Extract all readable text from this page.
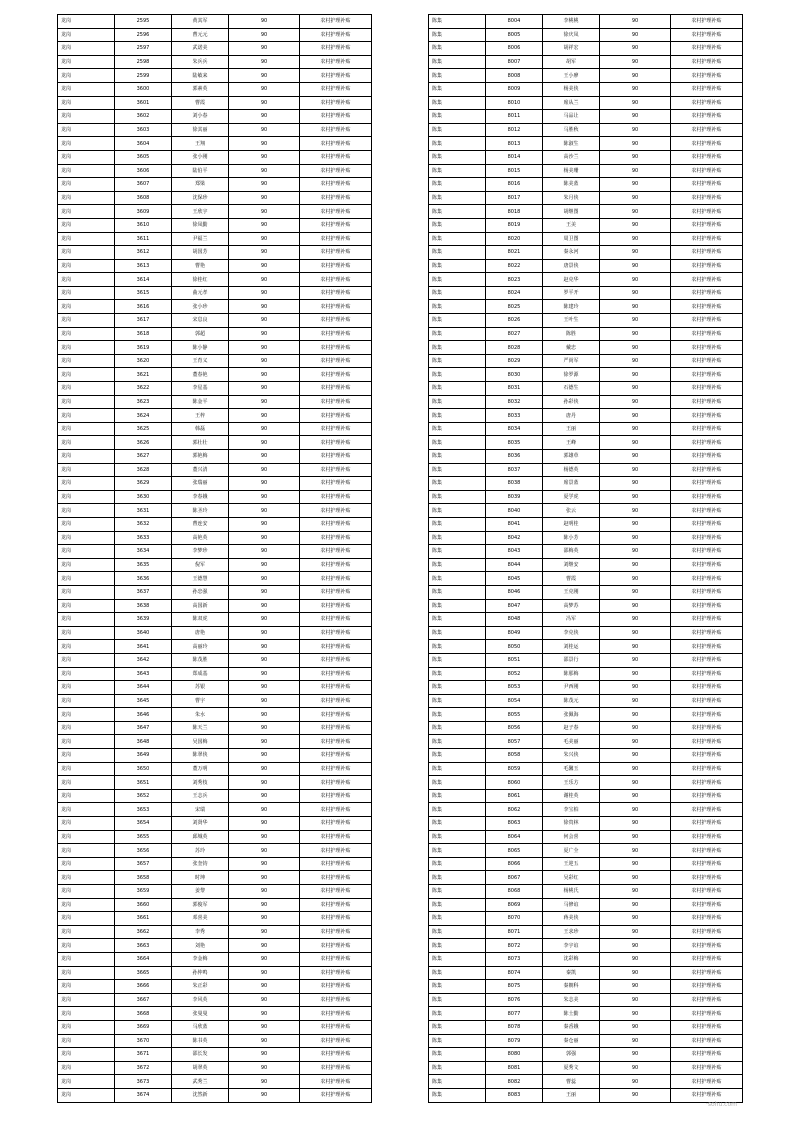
龙岗	2595	黄其军	90	农村护理补贴
龙岗	2596	曹元元	90	农村护理补贴
龙岗	2597	武诺美	90	农村护理补贴
龙岗	2598	朱兵兵	90	农村护理补贴
龙岗	2599	陆敏来	90	农村护理补贴
龙岗	3600	郭素英	90	农村护理补贴
龙岗	3601	曹霞	90	农村护理补贴
龙岗	3602	刘小春	90	农村护理补贴
龙岗	3603	徐其丽	90	农村护理补贴
龙岗	3604	王翔	90	农村护理补贴
龙岗	3605	张小刚	90	农村护理补贴
龙岗	3606	陆伯平	90	农村护理补贴
龙岗	3607	郑梁	90	农村护理补贴
龙岗	3608	沈保珍	90	农村护理补贴
龙岗	3609	王欣宇	90	农村护理补贴
龙岗	3610	徐凤勤	90	农村护理补贴
龙岗	3611	尹福兰	90	农村护理补贴
龙岗	3612	胡国芳	90	农村护理补贴
龙岗	3613	曹艳	90	农村护理补贴
龙岗	3614	徐桂红	90	农村护理补贴
龙岗	3615	曲元孝	90	农村护理补贴
龙岗	3616	张小珍	90	农村护理补贴
龙岗	3617	宋息良	90	农村护理补贴
龙岗	3618	郭超	90	农村护理补贴
龙岗	3619	陈小静	90	农村护理补贴
龙岗	3620	王育义	90	农村护理补贴
龙岗	3621	董春艳	90	农村护理补贴
龙岗	3622	李星基	90	农村护理补贴
龙岗	3623	陈金平	90	农村护理补贴
龙岗	3624	王梓	90	农村护理补贴
龙岗	3625	韩磊	90	农村护理补贴
龙岗	3626	郭壮壮	90	农村护理补贴
龙岗	3627	郭艳梅	90	农村护理补贴
龙岗	3628	董兴清	90	农村护理补贴
龙岗	3629	张瑞丽	90	农村护理补贴
龙岗	3630	李春娥	90	农村护理补贴
龙岗	3631	陈圣玲	90	农村护理补贴
龙岗	3632	曹连安	90	农村护理补贴
龙岗	3633	高艳英	90	农村护理补贴
龙岗	3634	李梦珍	90	农村护理补贴
龙岗	3635	倪军	90	农村护理补贴
龙岗	3636	王德慧	90	农村护理补贴
龙岗	3637	孙忠强	90	农村护理补贴
龙岗	3638	高国新	90	农村护理补贴
龙岗	3639	陈双虎	90	农村护理补贴
龙岗	3640	唐艳	90	农村护理补贴
龙岗	3641	高丽玲	90	农村护理补贴
龙岗	3642	陈茂胜	90	农村护理补贴
龙岗	3643	郑成基	90	农村护理补贴
龙岗	3644	苏银	90	农村护理补贴
龙岗	3645	曹宇	90	农村护理补贴
龙岗	3646	朱水	90	农村护理补贴
龙岗	3647	陈天兰	90	农村护理补贴
龙岗	3648	吴国梅	90	农村护理补贴
龙岗	3649	陈翠侠	90	农村护理补贴
龙岗	3650	董万明	90	农村护理补贴
龙岗	3651	刘秀枝	90	农村护理补贴
龙岗	3652	王志兵	90	农村护理补贴
龙岗	3653	宋瑞	90	农村护理补贴
龙岗	3654	刘贤华	90	农村护理补贴
龙岗	3655	邱城英	90	农村护理补贴
龙岗	3656	苏玲	90	农村护理补贴
龙岗	3657	张奎钧	90	农村护理补贴
龙岗	3658	时坤	90	农村护理补贴
龙岗	3659	姜黎	90	农村护理补贴
龙岗	3660	郭俊军	90	农村护理补贴
龙岗	3661	邓喜美	90	农村护理补贴
龙岗	3662	李秀	90	农村护理补贴
龙岗	3663	刘艳	90	农村护理补贴
龙岗	3664	李金梅	90	农村护理补贴
龙岗	3665	孙仲鸣	90	农村护理补贴
龙岗	3666	朱正彩	90	农村护理补贴
龙岗	3667	李风英	90	农村护理补贴
龙岗	3668	张曼曼	90	农村护理补贴
龙岗	3669	马欣蓝	90	农村护理补贴
龙岗	3670	陈书英	90	农村护理补贴
龙岗	3671	邵长发	90	农村护理补贴
龙岗	3672	胡翠英	90	农村护理补贴
龙岗	3673	武秀兰	90	农村护理补贴
龙岗	3674	沈然新	90	农村护理补贴
陈集	8004	李桃桃	90	农村护理补贴
陈集	8005	徐庆凤	90	农村护理补贴
陈集	8006	胡祥宏	90	农村护理补贴
陈集	8007	胡军	90	农村护理补贴
陈集	8008	王小廖	90	农村护理补贴
陈集	8009	杨美侠	90	农村护理补贴
陈集	8010	席从兰	90	农村护理补贴
陈集	8011	马品让	90	农村护理补贴
陈集	8012	马胜秋	90	农村护理补贴
陈集	8013	陈淑生	90	农村护理补贴
陈集	8014	高沙兰	90	农村护理补贴
陈集	8015	杨美珊	90	农村护理补贴
陈集	8016	陈美蓝	90	农村护理补贴
陈集	8017	朱月侠	90	农村护理补贴
陈集	8018	胡继图	90	农村护理补贴
陈集	8019	王美	90	农村护理补贴
陈集	8020	周卫图	90	农村护理补贴
陈集	8021	秦永河	90	农村护理补贴
陈集	8022	唐景侠	90	农村护理补贴
陈集	8023	赵克华	90	农村护理补贴
陈集	8024	罗平开	90	农村护理补贴
陈集	8025	陈建玲	90	农村护理补贴
陈集	8026	王叶生	90	农村护理补贴
陈集	8027	陈胜	90	农村护理补贴
陈集	8028	戴忠	90	农村护理补贴
陈集	8029	严尚军	90	农村护理补贴
陈集	8030	徐罗源	90	农村护理补贴
陈集	8031	石德生	90	农村护理补贴
陈集	8032	孙彩侠	90	农村护理补贴
陈集	8033	唐丹	90	农村护理补贴
陈集	8034	王丽	90	农村护理补贴
陈集	8035	王峰	90	农村护理补贴
陈集	8036	郭雄草	90	农村护理补贴
陈集	8037	杨德英	90	农村护理补贴
陈集	8038	席景蓝	90	农村护理补贴
陈集	8039	夏学虎	90	农村护理补贴
陈集	8040	张云	90	农村护理补贴
陈集	8041	赵明桂	90	农村护理补贴
陈集	8042	陈小芳	90	农村护理补贴
陈集	8043	邵梅英	90	农村护理补贴
陈集	8044	刘继安	90	农村护理补贴
陈集	8045	曹霞	90	农村护理补贴
陈集	8046	王克刚	90	农村护理补贴
陈集	8047	高梦苏	90	农村护理补贴
陈集	8048	冯军	90	农村护理补贴
陈集	8049	李克侠	90	农村护理补贴
陈集	8050	刘桂运	90	农村护理补贴
陈集	8051	邵景行	90	农村护理补贴
陈集	8052	陈那梅	90	农村护理补贴
陈集	8053	尹西刚	90	农村护理补贴
陈集	8054	陈茂元	90	农村护理补贴
陈集	8055	张佩海	90	农村护理补贴
陈集	8056	赵子春	90	农村护理补贴
陈集	8057	毛美丽	90	农村护理补贴
陈集	8058	朱兴侠	90	农村护理补贴
陈集	8059	毛馨玉	90	农村护理补贴
陈集	8060	王乐方	90	农村护理补贴
陈集	8061	谢桂英	90	农村护理补贴
陈集	8062	李宝柏	90	农村护理补贴
陈集	8063	徐贵林	90	农村护理补贴
陈集	8064	何会喜	90	农村护理补贴
陈集	8065	夏广全	90	农村护理补贴
陈集	8066	王迎五	90	农村护理补贴
陈集	8067	吴彩红	90	农村护理补贴
陈集	8068	杨桃氏	90	农村护理补贴
陈集	8069	马修谊	90	农村护理补贴
陈集	8070	蒋美侠	90	农村护理补贴
陈集	8071	王求珍	90	农村护理补贴
陈集	8072	李宇谊	90	农村护理补贴
陈集	8073	沈彩梅	90	农村护理补贴
陈集	8074	秦凯	90	农村护理补贴
陈集	8075	秦朝科	90	农村护理补贴
陈集	8076	朱志美	90	农村护理补贴
陈集	8077	陈士勤	90	农村护理补贴
陈集	8078	秦香娥	90	农村护理补贴
陈集	8079	秦仓丽	90	农村护理补贴
陈集	8080	郭强	90	农村护理补贴
陈集	8081	夏秀文	90	农村护理补贴
陈集	8082	曹蕊	90	农村护理补贴
陈集	8083	王丽	90	农村护理补贴
·sohu.com
